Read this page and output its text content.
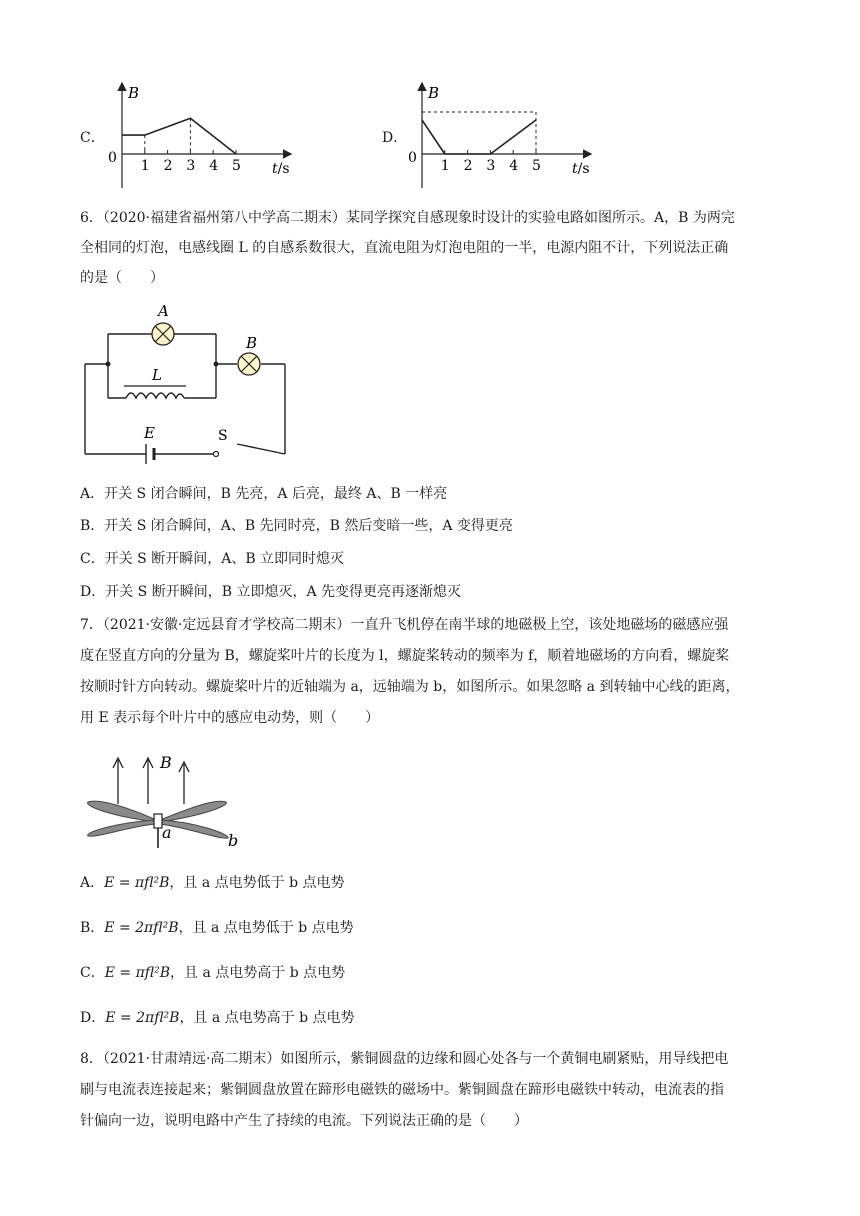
C．
B
0 1 2 3 4 5 t/s
D．
B
0 1 2 3 4 5 t/s
6．（2020·福建省福州第八中学高二期末）某同学探究自感现象时设计的实验电路如图所示。A，B 为两完
全相同的灯泡，电感线圈 L 的自感系数很大，直流电阻为灯泡电阻的一半，电源内阻不计，下列说法正确
的是（　　）
A
B
L
E	S
A．开关 S 闭合瞬间，B 先亮，A 后亮，最终 A、B 一样亮
B．开关 S 闭合瞬间，A、B 先同时亮，B 然后变暗一些，A 变得更亮
C．开关 S 断开瞬间，A、B 立即同时熄灭
D．开关 S 断开瞬间，B 立即熄灭，A 先变得更亮再逐渐熄灭
7．（2021·安徽·定远县育才学校高二期末）一直升飞机停在南半球的地磁极上空，该处地磁场的磁感应强
度在竖直方向的分量为 B，螺旋桨叶片的长度为 l，螺旋桨转动的频率为 f，顺着地磁场的方向看，螺旋桨
按顺时针方向转动。螺旋桨叶片的近轴端为 a，远轴端为 b，如图所示。如果忽略 a 到转轴中心线的距离，
用 E 表示每个叶片中的感应电动势，则（　　）
B
a	b
A．E = πfl²B，且 a 点电势低于 b 点电势
B．E = 2πfl²B，且 a 点电势低于 b 点电势
C．E = πfl²B，且 a 点电势高于 b 点电势
D．E = 2πfl²B，且 a 点电势高于 b 点电势
8．（2021·甘肃靖远·高二期末）如图所示，紫铜圆盘的边缘和圆心处各与一个黄铜电刷紧贴，用导线把电
刷与电流表连接起来；紫铜圆盘放置在蹄形电磁铁的磁场中。紫铜圆盘在蹄形电磁铁中转动，电流表的指
针偏向一边，说明电路中产生了持续的电流。下列说法正确的是（　　）
